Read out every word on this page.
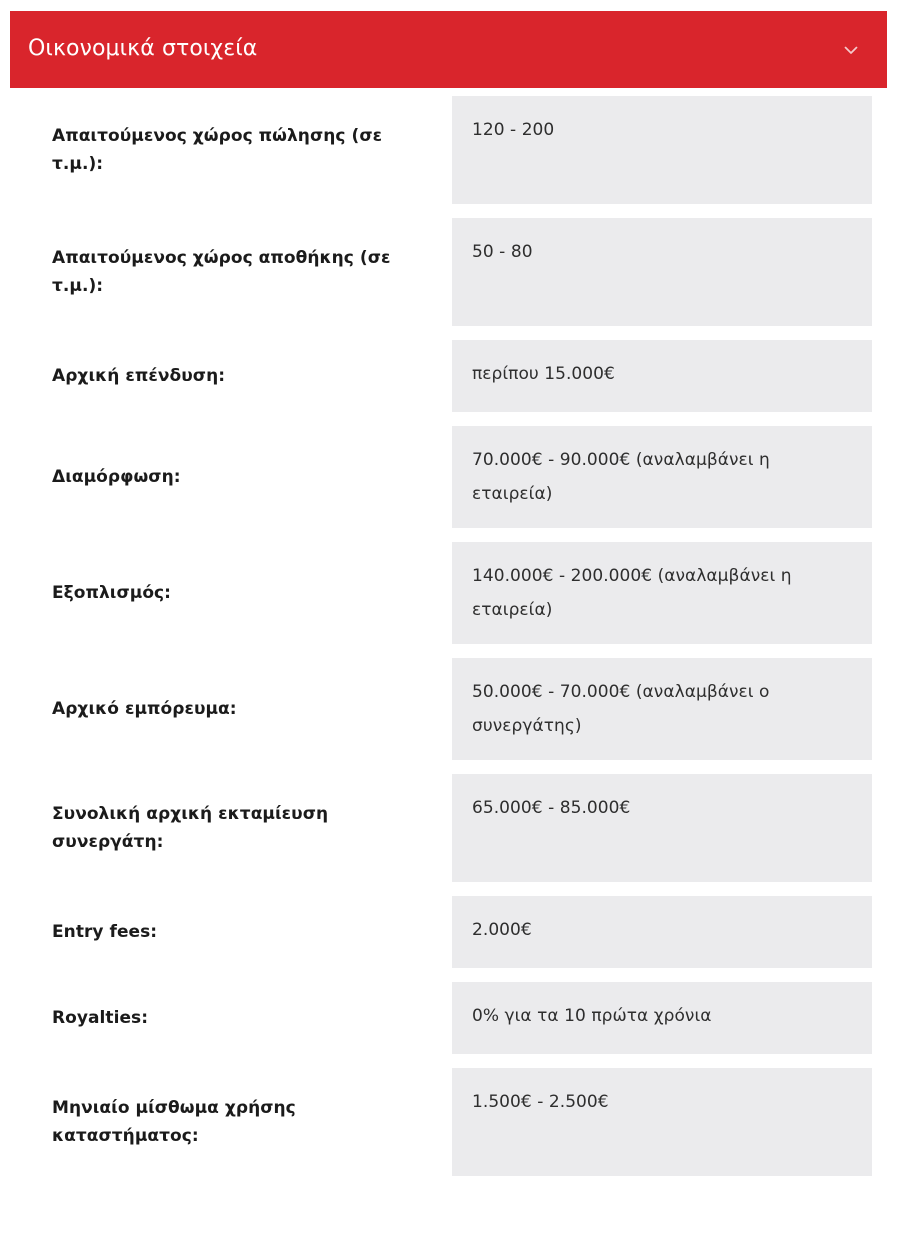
Οικονομικά στοιχεία
Απαιτούμενος χώρος πώλησης (σε τ.μ.):
120 - 200
Απαιτούμενος χώρος αποθήκης (σε τ.μ.):
50 - 80
Αρχική επένδυση:	περίπου 15.000€
Διαμόρφωση:
70.000€ - 90.000€ (αναλαμβάνει η εταιρεία)
Εξοπλισμός:
140.000€ - 200.000€ (αναλαμβάνει η εταιρεία)
Αρχικό εμπόρευμα:
50.000€ - 70.000€ (αναλαμβάνει ο συνεργάτης)
Συνολική αρχική εκταμίευση συνεργάτη:
65.000€ - 85.000€
Entry fees:	2.000€
Royalties:	0% για τα 10 πρώτα χρόνια
Μηνιαίο μίσθωμα χρήσης καταστήματος:
1.500€ - 2.500€
